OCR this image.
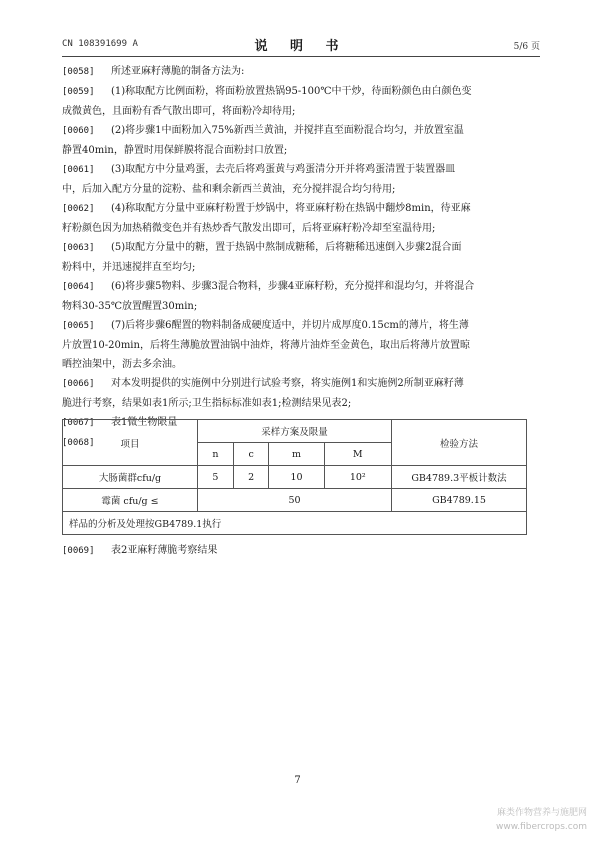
CN 108391699 A	说 明 书	5/6 页
[0058] 所述亚麻籽薄脆的制备方法为:
[0059] (1)称取配方比例面粉，将面粉放置热锅95-100℃中干炒，待面粉颜色由白颜色变
成微黄色，且面粉有香气散出即可，将面粉冷却待用;
[0060] (2)将步骤1中面粉加入75%新西兰黄油，并搅拌直至面粉混合均匀，并放置室温
静置40min，静置时用保鲜膜将混合面粉封口放置;
[0061] (3)取配方中分量鸡蛋，去壳后将鸡蛋黄与鸡蛋清分开并将鸡蛋清置于装置器皿
中，后加入配方分量的淀粉、盐和剩余新西兰黄油，充分搅拌混合均匀待用;
[0062] (4)称取配方分量中亚麻籽粉置于炒锅中，将亚麻籽粉在热锅中翻炒8min，待亚麻
籽粉颜色因为加热稍微变色并有热炒香气散发出即可，后将亚麻籽粉冷却至室温待用;
[0063] (5)取配方分量中的糖，置于热锅中熬制成糖稀，后将糖稀迅速倒入步骤2混合面
粉料中，并迅速搅拌直至均匀;
[0064] (6)将步骤5物料、步骤3混合物料，步骤4亚麻籽粉，充分搅拌和混均匀，并将混合
物料30-35℃放置醒置30min;
[0065] (7)后将步骤6醒置的物料制备成硬度适中，并切片成厚度0.15cm的薄片，将生薄
片放置10-20min，后将生薄脆放置油锅中油炸，将薄片油炸至金黄色，取出后将薄片放置晾
晒控油架中，沥去多余油。
[0066] 对本发明提供的实施例中分别进行试验考察，将实施例1和实施例2所制亚麻籽薄
脆进行考察，结果如表1所示;卫生指标标准如表1;检测结果见表2;
[0067] 表1微生物限量
[0068]	项目	采样方案及限量				检验方法
	n	c	m	M	
大肠菌群cfu/g	5	2	10	10²	GB4789.3平板计数法
霉菌 cfu/g ≤	50				GB4789.15
样品的分析及处理按GB4789.1执行					
[0069] 表2亚麻籽薄脆考察结果
7
麻类作物营养与施肥网
www.fibercrops.com
